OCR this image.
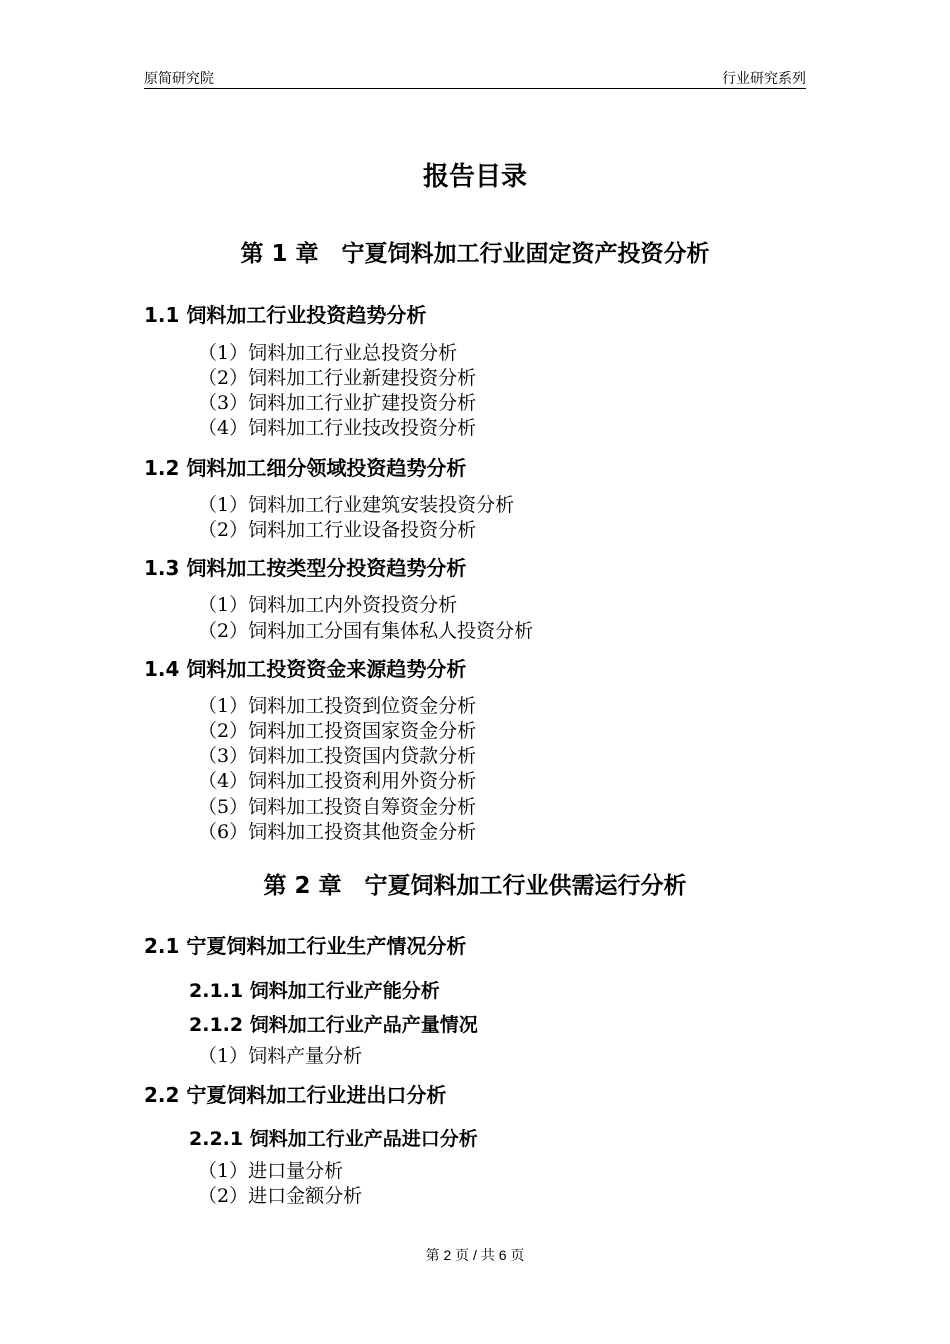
原简研究院	行业研究系列
报告目录
第 1 章　宁夏饲料加工行业固定资产投资分析
1.1 饲料加工行业投资趋势分析
（1）饲料加工行业总投资分析
（2）饲料加工行业新建投资分析
（3）饲料加工行业扩建投资分析
（4）饲料加工行业技改投资分析
1.2 饲料加工细分领域投资趋势分析
（1）饲料加工行业建筑安装投资分析
（2）饲料加工行业设备投资分析
1.3 饲料加工按类型分投资趋势分析
（1）饲料加工内外资投资分析
（2）饲料加工分国有集体私人投资分析
1.4 饲料加工投资资金来源趋势分析
（1）饲料加工投资到位资金分析
（2）饲料加工投资国家资金分析
（3）饲料加工投资国内贷款分析
（4）饲料加工投资利用外资分析
（5）饲料加工投资自筹资金分析
（6）饲料加工投资其他资金分析
第 2 章　宁夏饲料加工行业供需运行分析
2.1 宁夏饲料加工行业生产情况分析
2.1.1 饲料加工行业产能分析
2.1.2 饲料加工行业产品产量情况
（1）饲料产量分析
2.2 宁夏饲料加工行业进出口分析
2.2.1 饲料加工行业产品进口分析
（1）进口量分析
（2）进口金额分析
第 2 页 / 共 6 页
